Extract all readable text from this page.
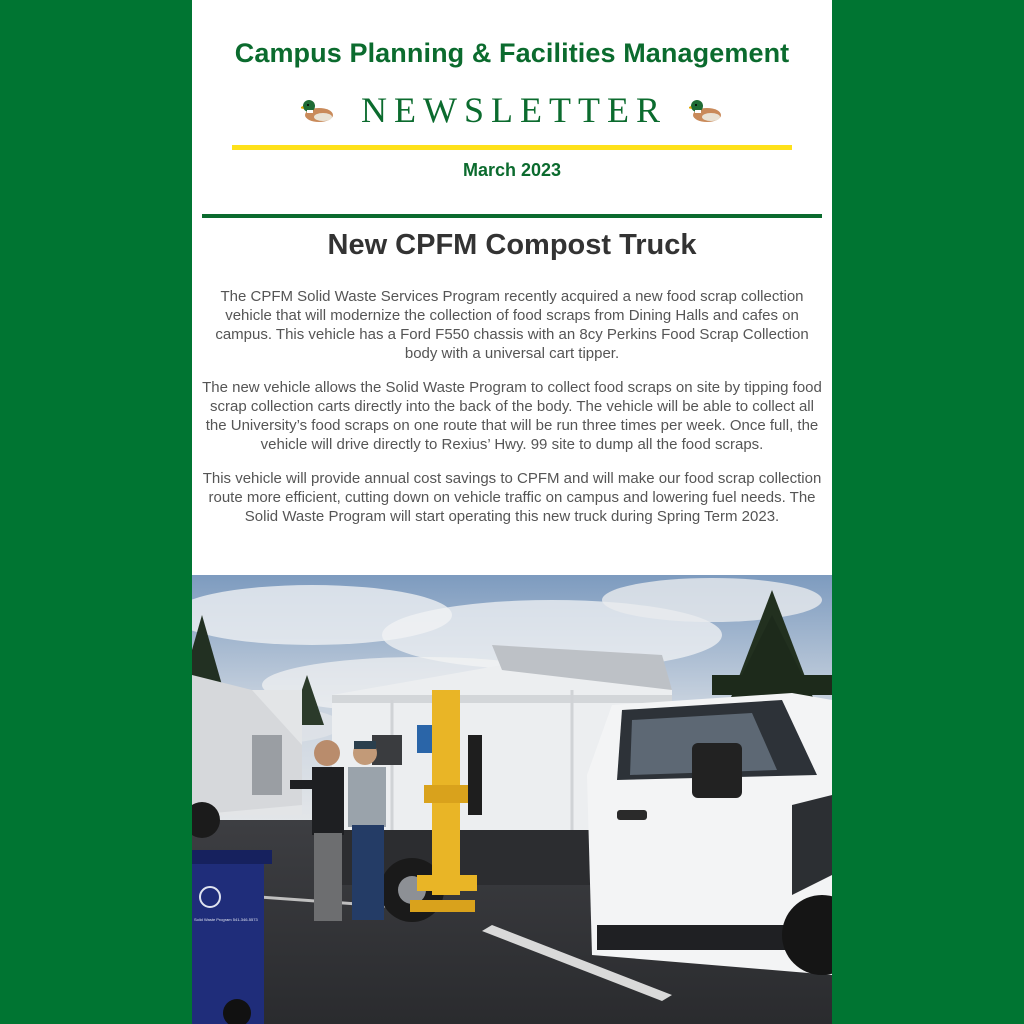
Campus Planning & Facilities Management
NEWSLETTER
March 2023
New CPFM Compost Truck

The CPFM Solid Waste Services Program recently acquired a new food scrap collection vehicle that will modernize the collection of food scraps from Dining Halls and cafes on campus. This vehicle has a Ford F550 chassis with an 8cy Perkins Food Scrap Collection body with a universal cart tipper.

The new vehicle allows the Solid Waste Program to collect food scraps on site by tipping food scrap collection carts directly into the back of the body. The vehicle will be able to collect all the University’s food scraps on one route that will be run three times per week. Once full, the vehicle will drive directly to Rexius’ Hwy. 99 site to dump all the food scraps.

This vehicle will provide annual cost savings to CPFM and will make our food scrap collection route more efficient, cutting down on vehicle traffic on campus and lowering fuel needs. The Solid Waste Program will start operating this new truck during Spring Term 2023.

Solid Waste Program 541-346-5573
